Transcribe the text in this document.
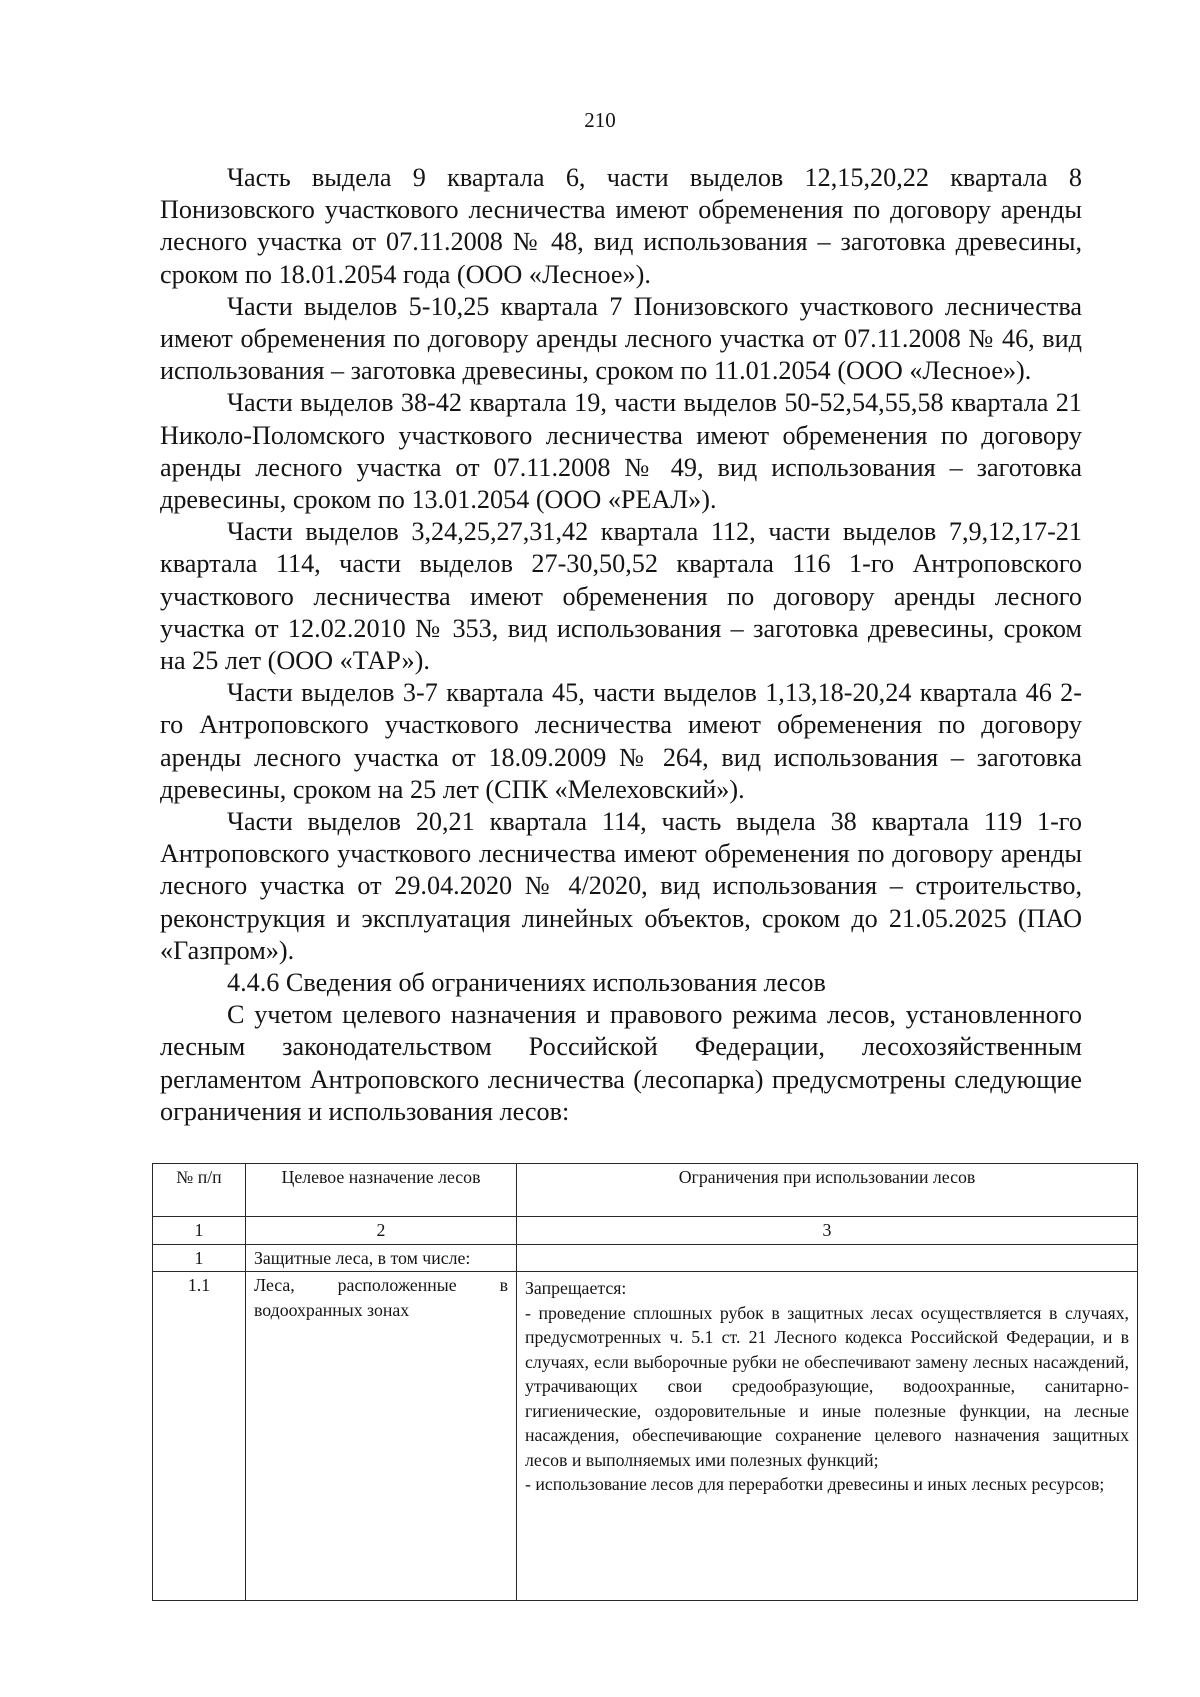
210

Часть выдела 9 квартала 6, части выделов 12,15,20,22 квартала 8 Понизовского участкового лесничества имеют обременения по договору аренды лесного участка от 07.11.2008 № 48, вид использования – заготовка древесины, сроком по 18.01.2054 года (ООО «Лесное»).

Части выделов 5-10,25 квартала 7 Понизовского участкового лесничества имеют обременения по договору аренды лесного участка от 07.11.2008 № 46, вид использования – заготовка древесины, сроком по 11.01.2054 (ООО «Лесное»).

Части выделов 38-42 квартала 19, части выделов 50-52,54,55,58 квартала 21 Николо-Поломского участкового лесничества имеют обременения по договору аренды лесного участка от 07.11.2008 № 49, вид использования – заготовка древесины, сроком по 13.01.2054 (ООО «РЕАЛ»).

Части выделов 3,24,25,27,31,42 квартала 112, части выделов 7,9,12,17-21 квартала 114, части выделов 27-30,50,52 квартала 116 1-го Антроповского участкового лесничества имеют обременения по договору аренды лесного участка от 12.02.2010 № 353, вид использования – заготовка древесины, сроком на 25 лет (ООО «ТАР»).

Части выделов 3-7 квартала 45, части выделов 1,13,18-20,24 квартала 46 2-го Антроповского участкового лесничества имеют обременения по договору аренды лесного участка от 18.09.2009 № 264, вид использования – заготовка древесины, сроком на 25 лет (СПК «Мелеховский»).

Части выделов 20,21 квартала 114, часть выдела 38 квартала 119 1-го Антроповского участкового лесничества имеют обременения по договору аренды лесного участка от 29.04.2020 № 4/2020, вид использования – строительство, реконструкция и эксплуатация линейных объектов, сроком до 21.05.2025 (ПАО «Газпром»).

4.4.6 Сведения об ограничениях использования лесов

С учетом целевого назначения и правового режима лесов, установленного лесным законодательством Российской Федерации, лесохозяйственным регламентом Антроповского лесничества (лесопарка) предусмотрены следующие ограничения и использования лесов:

№ п/п	Целевое назначение лесов	Ограничения при использовании лесов
1	2	3
1	Защитные леса, в том числе:	
1.1	Леса, расположенные в водоохранных зонах	Запрещается:
- проведение сплошных рубок в защитных лесах осуществляется в случаях, предусмотренных ч. 5.1 ст. 21 Лесного кодекса Российской Федерации, и в случаях, если выборочные рубки не обеспечивают замену лесных насаждений, утрачивающих свои средообразующие, водоохранные, санитарно-гигиенические, оздоровительные и иные полезные функции, на лесные насаждения, обеспечивающие сохранение целевого назначения защитных лесов и выполняемых ими полезных функций;
- использование лесов для переработки древесины и иных лесных ресурсов;
